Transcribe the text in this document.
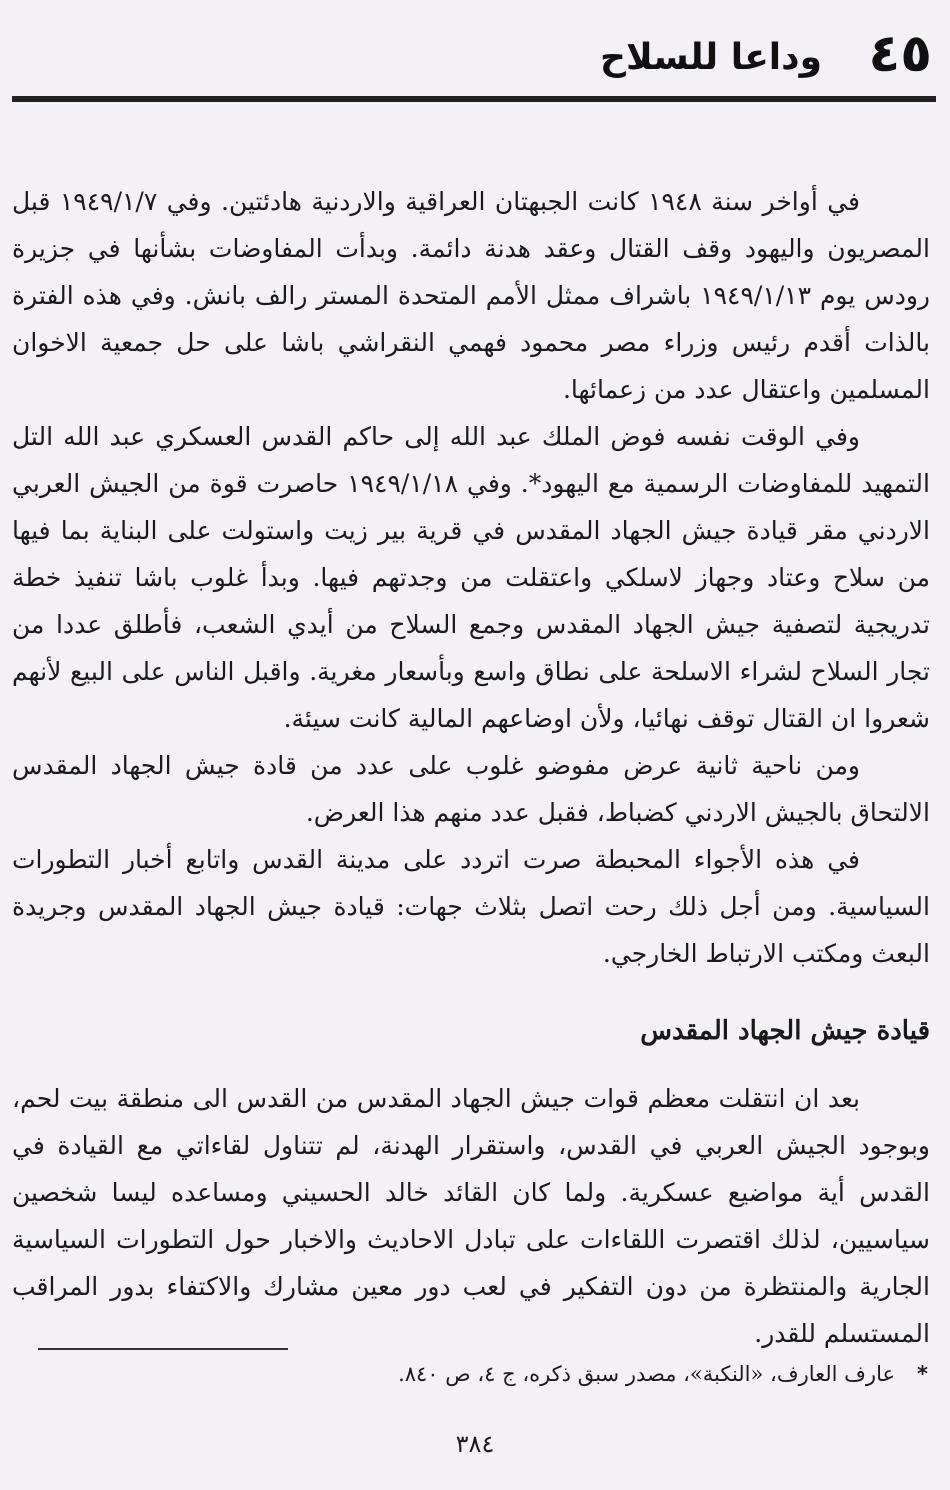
٤٥
وداعا للسلاح

في أواخر سنة ١٩٤٨ كانت الجبهتان العراقية والاردنية هادئتين. وفي ١٩٤٩/١/٧ قبل المصريون واليهود وقف القتال وعقد هدنة دائمة. وبدأت المفاوضات بشأنها في جزيرة رودس يوم ١٩٤٩/١/١٣ باشراف ممثل الأمم المتحدة المستر رالف بانش. وفي هذه الفترة بالذات أقدم رئيس وزراء مصر محمود فهمي النقراشي باشا على حل جمعية الاخوان المسلمين واعتقال عدد من زعمائها.

وفي الوقت نفسه فوض الملك عبد الله إلى حاكم القدس العسكري عبد الله التل التمهيد للمفاوضات الرسمية مع اليهود*. وفي ١٩٤٩/١/١٨ حاصرت قوة من الجيش العربي الاردني مقر قيادة جيش الجهاد المقدس في قرية بير زيت واستولت على البناية بما فيها من سلاح وعتاد وجهاز لاسلكي واعتقلت من وجدتهم فيها. وبدأ غلوب باشا تنفيذ خطة تدريجية لتصفية جيش الجهاد المقدس وجمع السلاح من أيدي الشعب، فأطلق عددا من تجار السلاح لشراء الاسلحة على نطاق واسع وبأسعار مغرية. واقبل الناس على البيع لأنهم شعروا ان القتال توقف نهائيا، ولأن اوضاعهم المالية كانت سيئة.

ومن ناحية ثانية عرض مفوضو غلوب على عدد من قادة جيش الجهاد المقدس الالتحاق بالجيش الاردني كضباط، فقبل عدد منهم هذا العرض.

في هذه الأجواء المحبطة صرت اتردد على مدينة القدس واتابع أخبار التطورات السياسية. ومن أجل ذلك رحت اتصل بثلاث جهات: قيادة جيش الجهاد المقدس وجريدة البعث ومكتب الارتباط الخارجي.

قيادة جيش الجهاد المقدس

بعد ان انتقلت معظم قوات جيش الجهاد المقدس من القدس الى منطقة بيت لحم، وبوجود الجيش العربي في القدس، واستقرار الهدنة، لم تتناول لقاءاتي مع القيادة في القدس أية مواضيع عسكرية. ولما كان القائد خالد الحسيني ومساعده ليسا شخصين سياسيين، لذلك اقتصرت اللقاءات على تبادل الاحاديث والاخبار حول التطورات السياسية الجارية والمنتظرة من دون التفكير في لعب دور معين مشارك والاكتفاء بدور المراقب المستسلم للقدر.

*عارف العارف، «النكبة»، مصدر سبق ذكره، ج ٤، ص ٨٤٠.
٣٨٤
